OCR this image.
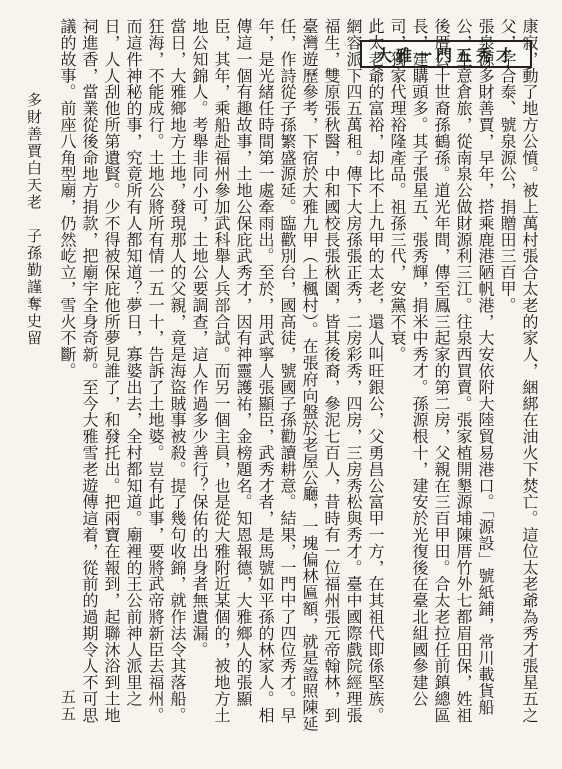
大雅一門五秀才 康寂，動了地方公憤。被上萬村張合太老的家人，綑綁在油火下焚亡。這位太老爺為秀才張星五之父，字合泰、號泉源公，捐贈田三百甲。

張泉源多財善賈，早年，搭乘鹿港陋帆港，大安依附大陸貿易港口。「源設」號紙鋪，常川載貨船公，生意倉旅，從南泉公做財源利三江。往泉西買賣。張家植開墾源埔陳厝竹外七都眉田保，姓祖後厝公十世裔孫鶴孫。道光年間，傳至鳳三起家的第二房，父親在三百甲田。合太老拉任前鎮總區長，建購頭多。其子張星五、張秀輝，捐米中秀才。孫源根十，建安於光復後在臺北組國參建公司，獨家代理裕隆產品。祖孫三代，安黨不衰。

此太老爺的富裕，却比不上九甲的太老，還人叫旺銀公，父勇昌公富甲一方，在其祖代即係堅族。網容派下四五萬租。傳下大房孫張正秀，二房彩秀，四房，三房秀松與秀才。臺中國際戲院經理張福生，雙原張秋醫，中和國校長張秋園，皆其後裔，參泥七百人，昔時有一位福州張元帝翰林，到臺灣遊歷參考，下宿於大雅九甲（上楓村）。在張府向盤於老屋公廳，一塊偏林匾額，就是證照陳延任，作詩從子孫繁盛源延。臨歡別台，國高徒，號國子孫勸讀耕意。結果，一門中了四位秀才。早年，是光緒任時間第一處牽雨出。至於，用武寧人張顯臣，武秀才者，是馬號如平孫的林家人。相傳這一個有趣故事，土地公保庇武秀才，因有神靈護祐，金榜題名。知恩報德，大雅鄉人的張顯臣，其年，乘船赴福州參加武科舉人兵部合試。而另一個主員，也是從大雅附近某個的，被地方土地公知錦人。考舉非同小可，土地公要調查，這人作過多少善行？保佑的出身者無遺漏。

當日，大雅鄉地方土地，發現那人的父親，竟是海盜賊事被殺。提了幾句收錦，就作法令其落船。狂海，不能成行。土地公將所有情一五一十，告訴了土地婆。豈有此事，要將武帝將新臣去福州。而這件神秘的事，究竟所有人都知道？夢日，寡婆出去，全村都知道。廟裡的王公前神人派里之日，人人刮他所第遺賢。少不得被保庇他所夢見誰了，和發托出。把兩寶在報到，起聯沐浴到土地祠進香，當業從後命地方捐款，把廟宇全身奇新。至今大雅雪老遊傳這着，從前的過期令人不可思議的故事。前座八角型廟，仍然屹立，雪火不斷。

多財善賈白天老　子孫勤謹奪史留
五五
